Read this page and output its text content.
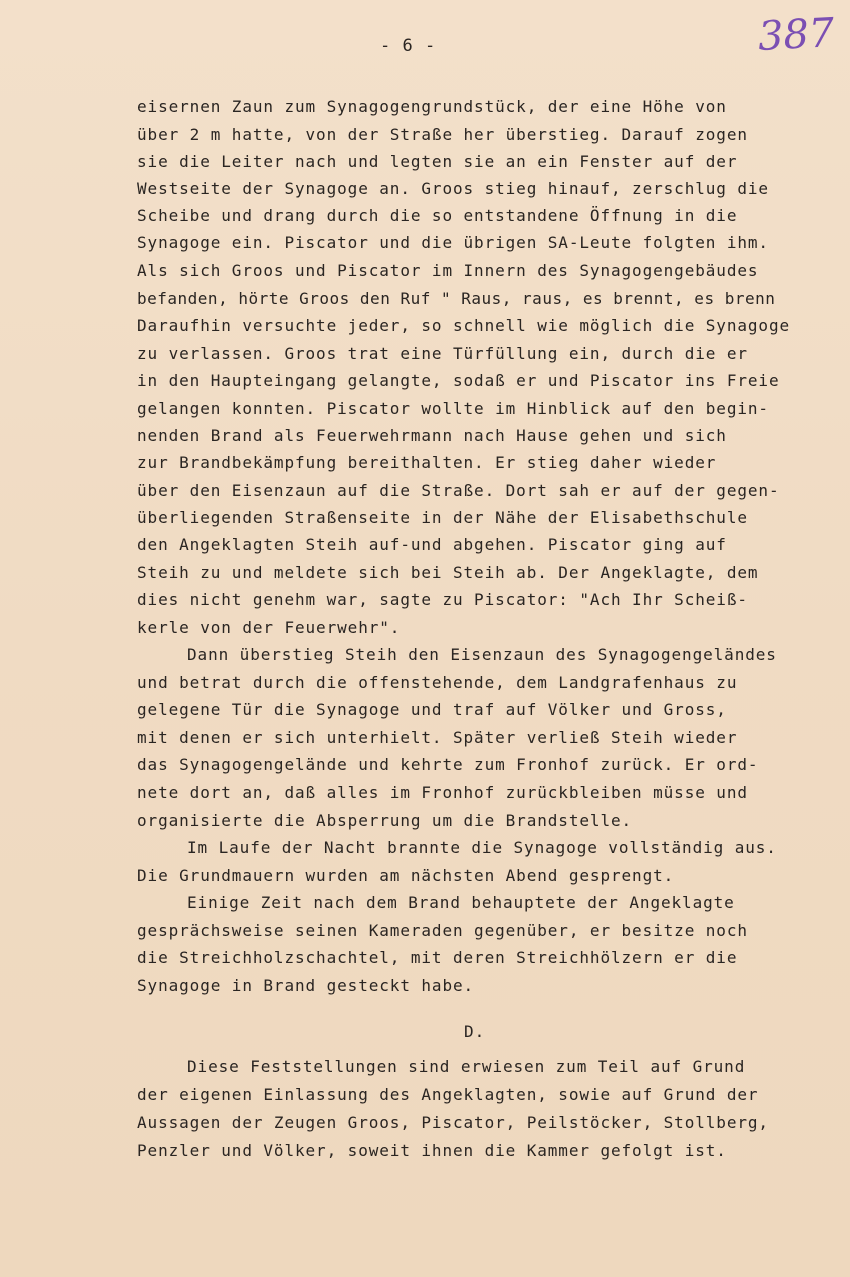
- 6 -	387
eisernen Zaun zum Synagogengrundstück, der eine Höhe von
über 2 m hatte, von der Straße her überstieg. Darauf zogen
sie die Leiter nach und legten sie an ein Fenster auf der
Westseite der Synagoge an. Groos stieg hinauf, zerschlug die
Scheibe und drang durch die so entstandene Öffnung in die
Synagoge ein. Piscator und die übrigen SA-Leute folgten ihm.
Als sich Groos und Piscator im Innern des Synagogengebäudes
befanden, hörte Groos den Ruf " Raus, raus, es brennt, es brenn
Daraufhin versuchte jeder, so schnell wie möglich die Synagoge
zu verlassen. Groos trat eine Türfüllung ein, durch die er
in den Haupteingang gelangte, sodaß er und Piscator ins Freie
gelangen konnten. Piscator wollte im Hinblick auf den begin-
nenden Brand als Feuerwehrmann nach Hause gehen und sich
zur Brandbekämpfung bereithalten. Er stieg daher wieder
über den Eisenzaun auf die Straße. Dort sah er auf der gegen-
überliegenden Straßenseite in der Nähe der Elisabethschule
den Angeklagten Steih auf-und abgehen. Piscator ging auf
Steih zu und meldete sich bei Steih ab. Der Angeklagte, dem
dies nicht genehm war, sagte zu Piscator: "Ach Ihr Scheiß-
kerle von der Feuerwehr".
Dann überstieg Steih den Eisenzaun des Synagogengeländes
und betrat durch die offenstehende, dem Landgrafenhaus zu
gelegene Tür die Synagoge und traf auf Völker und Gross,
mit denen er sich unterhielt. Später verließ Steih wieder
das Synagogengelände und kehrte zum Fronhof zurück. Er ord-
nete dort an, daß alles im Fronhof zurückbleiben müsse und
organisierte die Absperrung um die Brandstelle.
Im Laufe der Nacht brannte die Synagoge vollständig aus.
Die Grundmauern wurden am nächsten Abend gesprengt.
Einige Zeit nach dem Brand behauptete der Angeklagte
gesprächsweise seinen Kameraden gegenüber, er besitze noch
die Streichholzschachtel, mit deren Streichhölzern er die
Synagoge in Brand gesteckt habe.
D.
Diese Feststellungen sind erwiesen zum Teil auf Grund
der eigenen Einlassung des Angeklagten, sowie auf Grund der
Aussagen der Zeugen Groos, Piscator, Peilstöcker, Stollberg,
Penzler und Völker, soweit ihnen die Kammer gefolgt ist.
